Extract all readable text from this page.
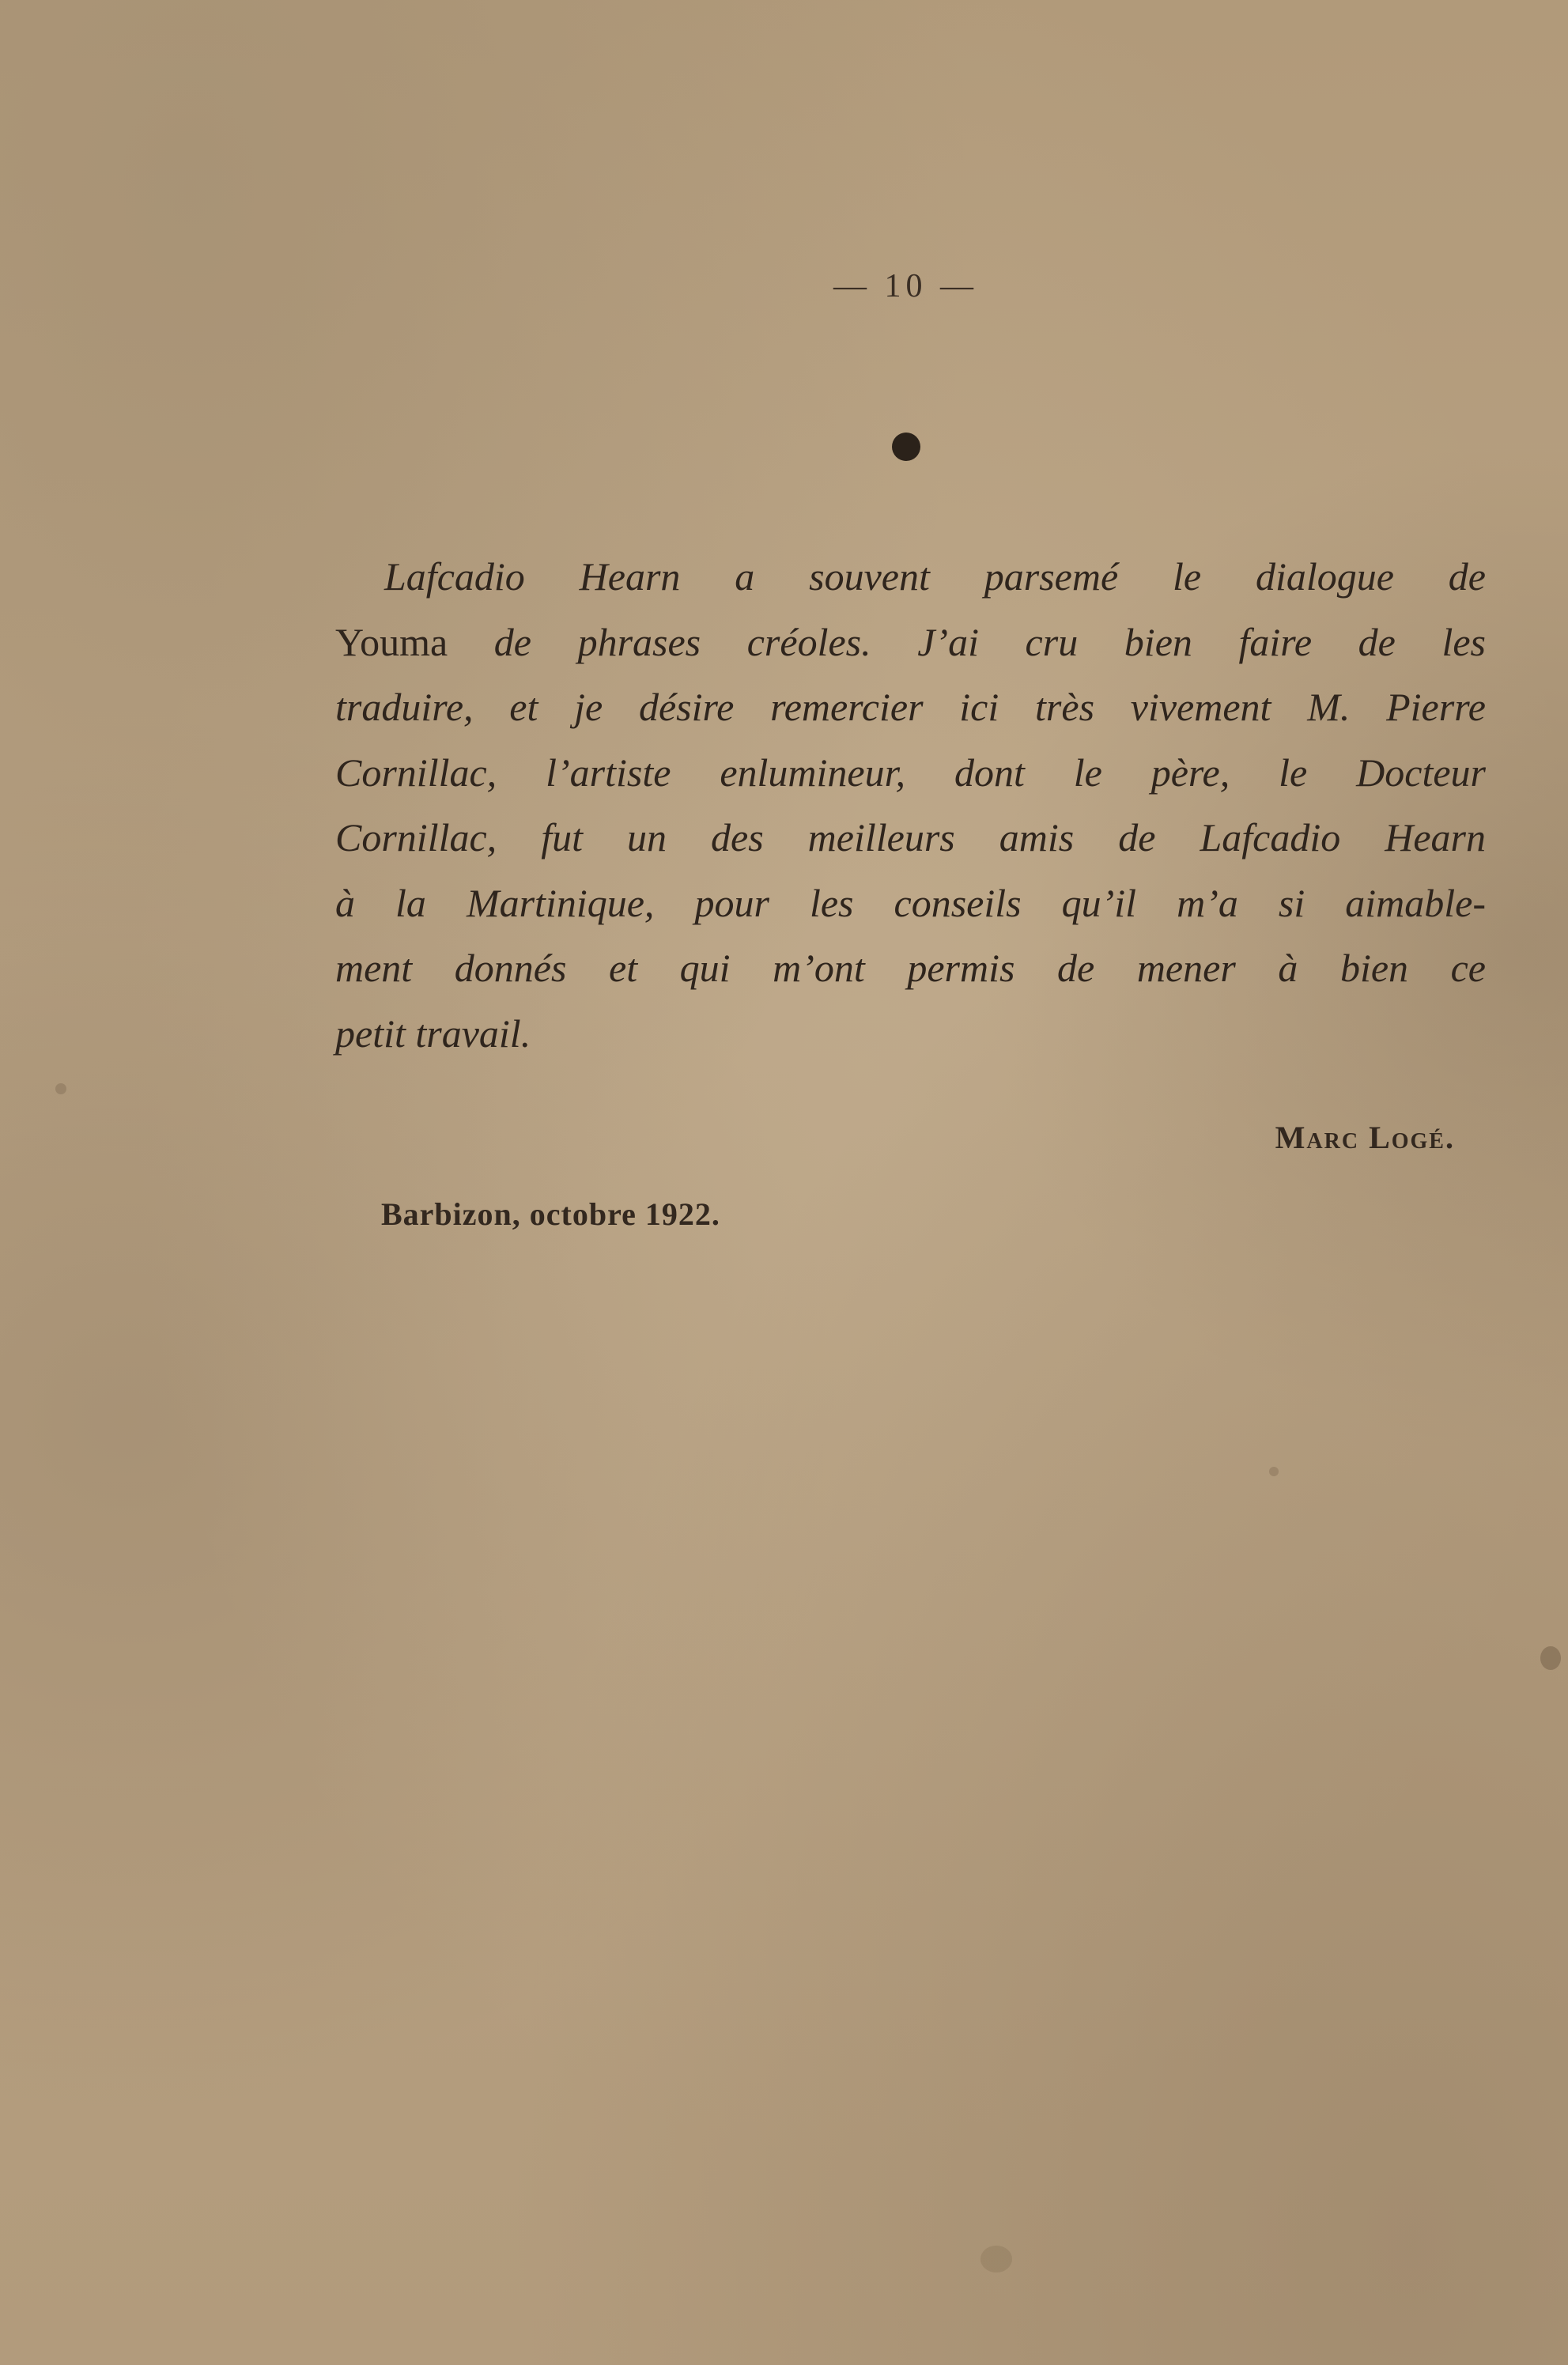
— 10 —

Lafcadio Hearn a souvent parsemé le dialogue de
Youma de phrases créoles. J’ai cru bien faire de les
traduire, et je désire remercier ici très vivement M. Pierre
Cornillac, l’artiste enlumineur, dont le père, le Docteur
Cornillac, fut un des meilleurs amis de Lafcadio Hearn
à la Martinique, pour les conseils qu’il m’a si aimable-
ment donnés et qui m’ont permis de mener à bien ce
petit travail.

Marc Logé.
Barbizon, octobre 1922.
